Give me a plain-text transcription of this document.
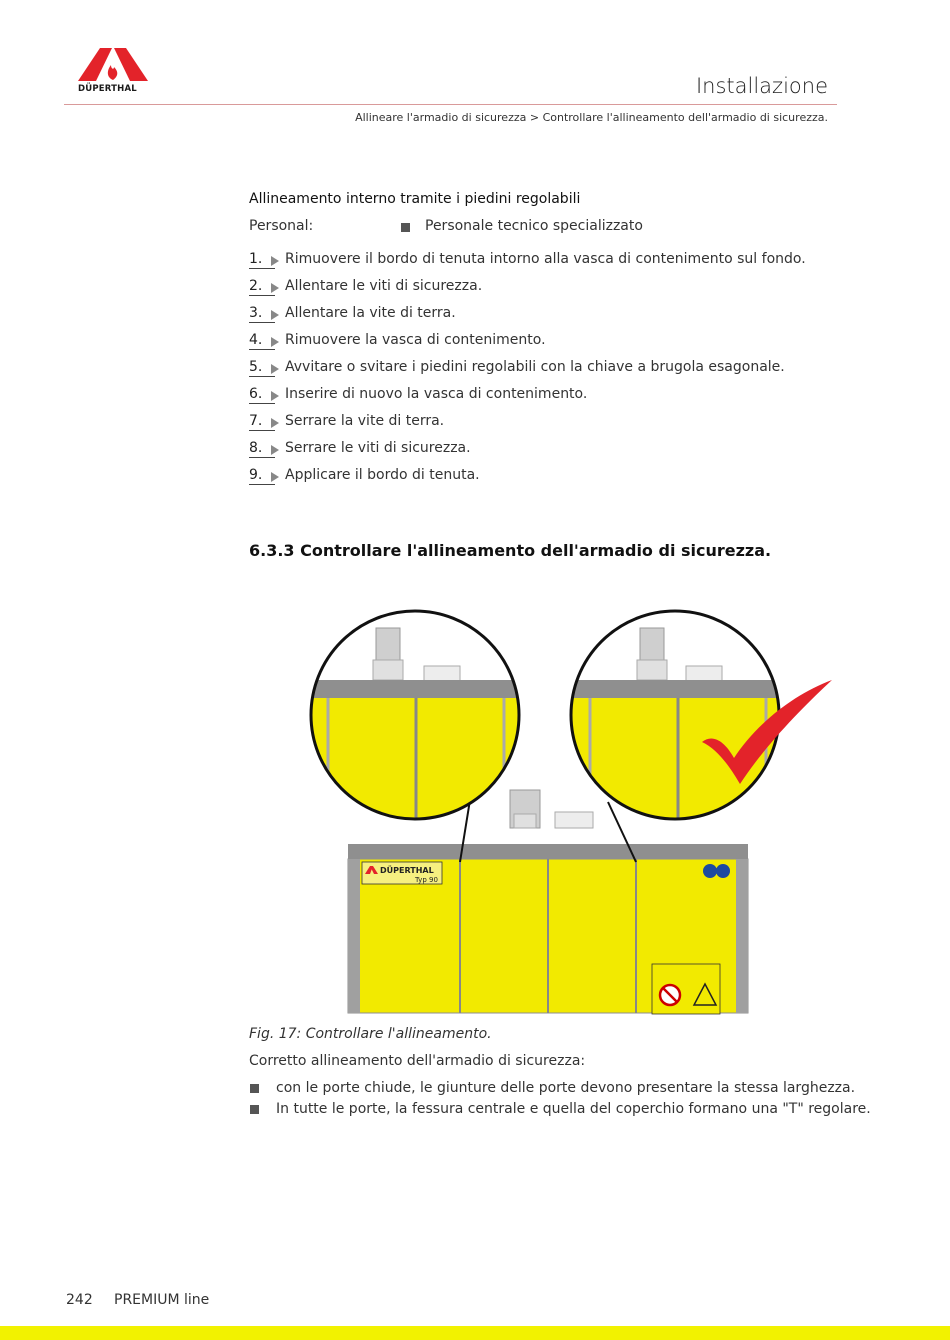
DÜPERTHAL	Installazione
Allineare l'armadio di sicurezza > Controllare l'allineamento dell'armadio di sicurezza.
Allineamento interno tramite i piedini regolabili
Personal:	Personale tecnico specializzato
1.	Rimuovere il bordo di tenuta intorno alla vasca di contenimento sul fondo.
2.	Allentare le viti di sicurezza.
3.	Allentare la vite di terra.
4.	Rimuovere la vasca di contenimento.
5.	Avvitare o svitare i piedini regolabili con la chiave a brugola esagonale.
6.	Inserire di nuovo la vasca di contenimento.
7.	Serrare la vite di terra.
8.	Serrare le viti di sicurezza.
9.	Applicare il bordo di tenuta.
6.3.3 Controllare l'allineamento dell'armadio di sicurezza.
DÜPERTHAL
Typ 90
Fig. 17: Controllare l'allineamento.
Corretto allineamento dell'armadio di sicurezza:
con le porte chiude, le giunture delle porte devono presentare la stessa larghezza.
In tutte le porte, la fessura centrale e quella del coperchio formano una "T" regolare.
242 PREMIUM line
